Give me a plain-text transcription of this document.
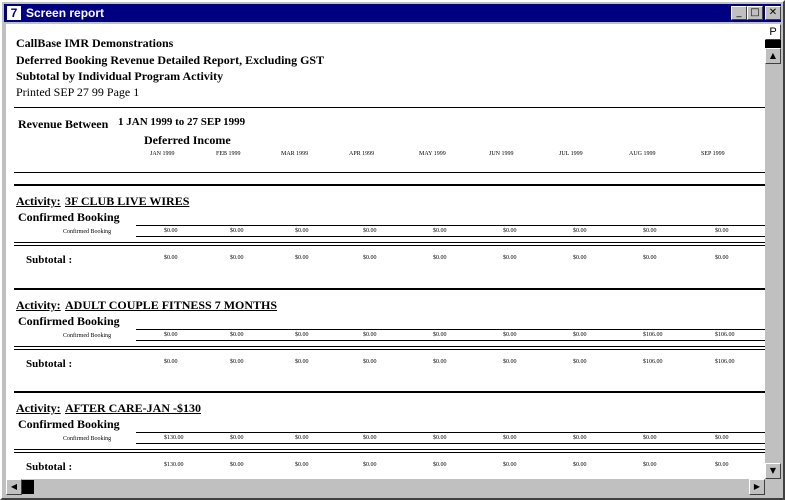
7 Screen report	_ □ ✕
CallBase IMR Demonstrations
Deferred Booking Revenue Detailed Report, Excluding GST
Subtotal by Individual Program Activity
Printed SEP 27 99 Page 1
Revenue Between 1 JAN 1999 to 27 SEP 1999
Deferred Income
JAN 1999	FEB 1999	MAR 1999	APR 1999	MAY 1999	JUN 1999	JUL 1999	AUG 1999	SEP 1999
Activity: 3F CLUB LIVE WIRES
Confirmed Booking
Confirmed Booking	$0.00	$0.00	$0.00	$0.00	$0.00	$0.00	$0.00	$0.00	$0.00
Subtotal :	$0.00	$0.00	$0.00	$0.00	$0.00	$0.00	$0.00	$0.00	$0.00
Activity: ADULT COUPLE FITNESS 7 MONTHS
Confirmed Booking
Confirmed Booking	$0.00	$0.00	$0.00	$0.00	$0.00	$0.00	$0.00	$106.00	$106.00
Subtotal :	$0.00	$0.00	$0.00	$0.00	$0.00	$0.00	$0.00	$106.00	$106.00
Activity: AFTER CARE-JAN -$130
Confirmed Booking
Confirmed Booking	$130.00	$0.00	$0.00	$0.00	$0.00	$0.00	$0.00	$0.00	$0.00
Subtotal :	$130.00	$0.00	$0.00	$0.00	$0.00	$0.00	$0.00	$0.00	$0.00
P
▲
▼
◀	▶
